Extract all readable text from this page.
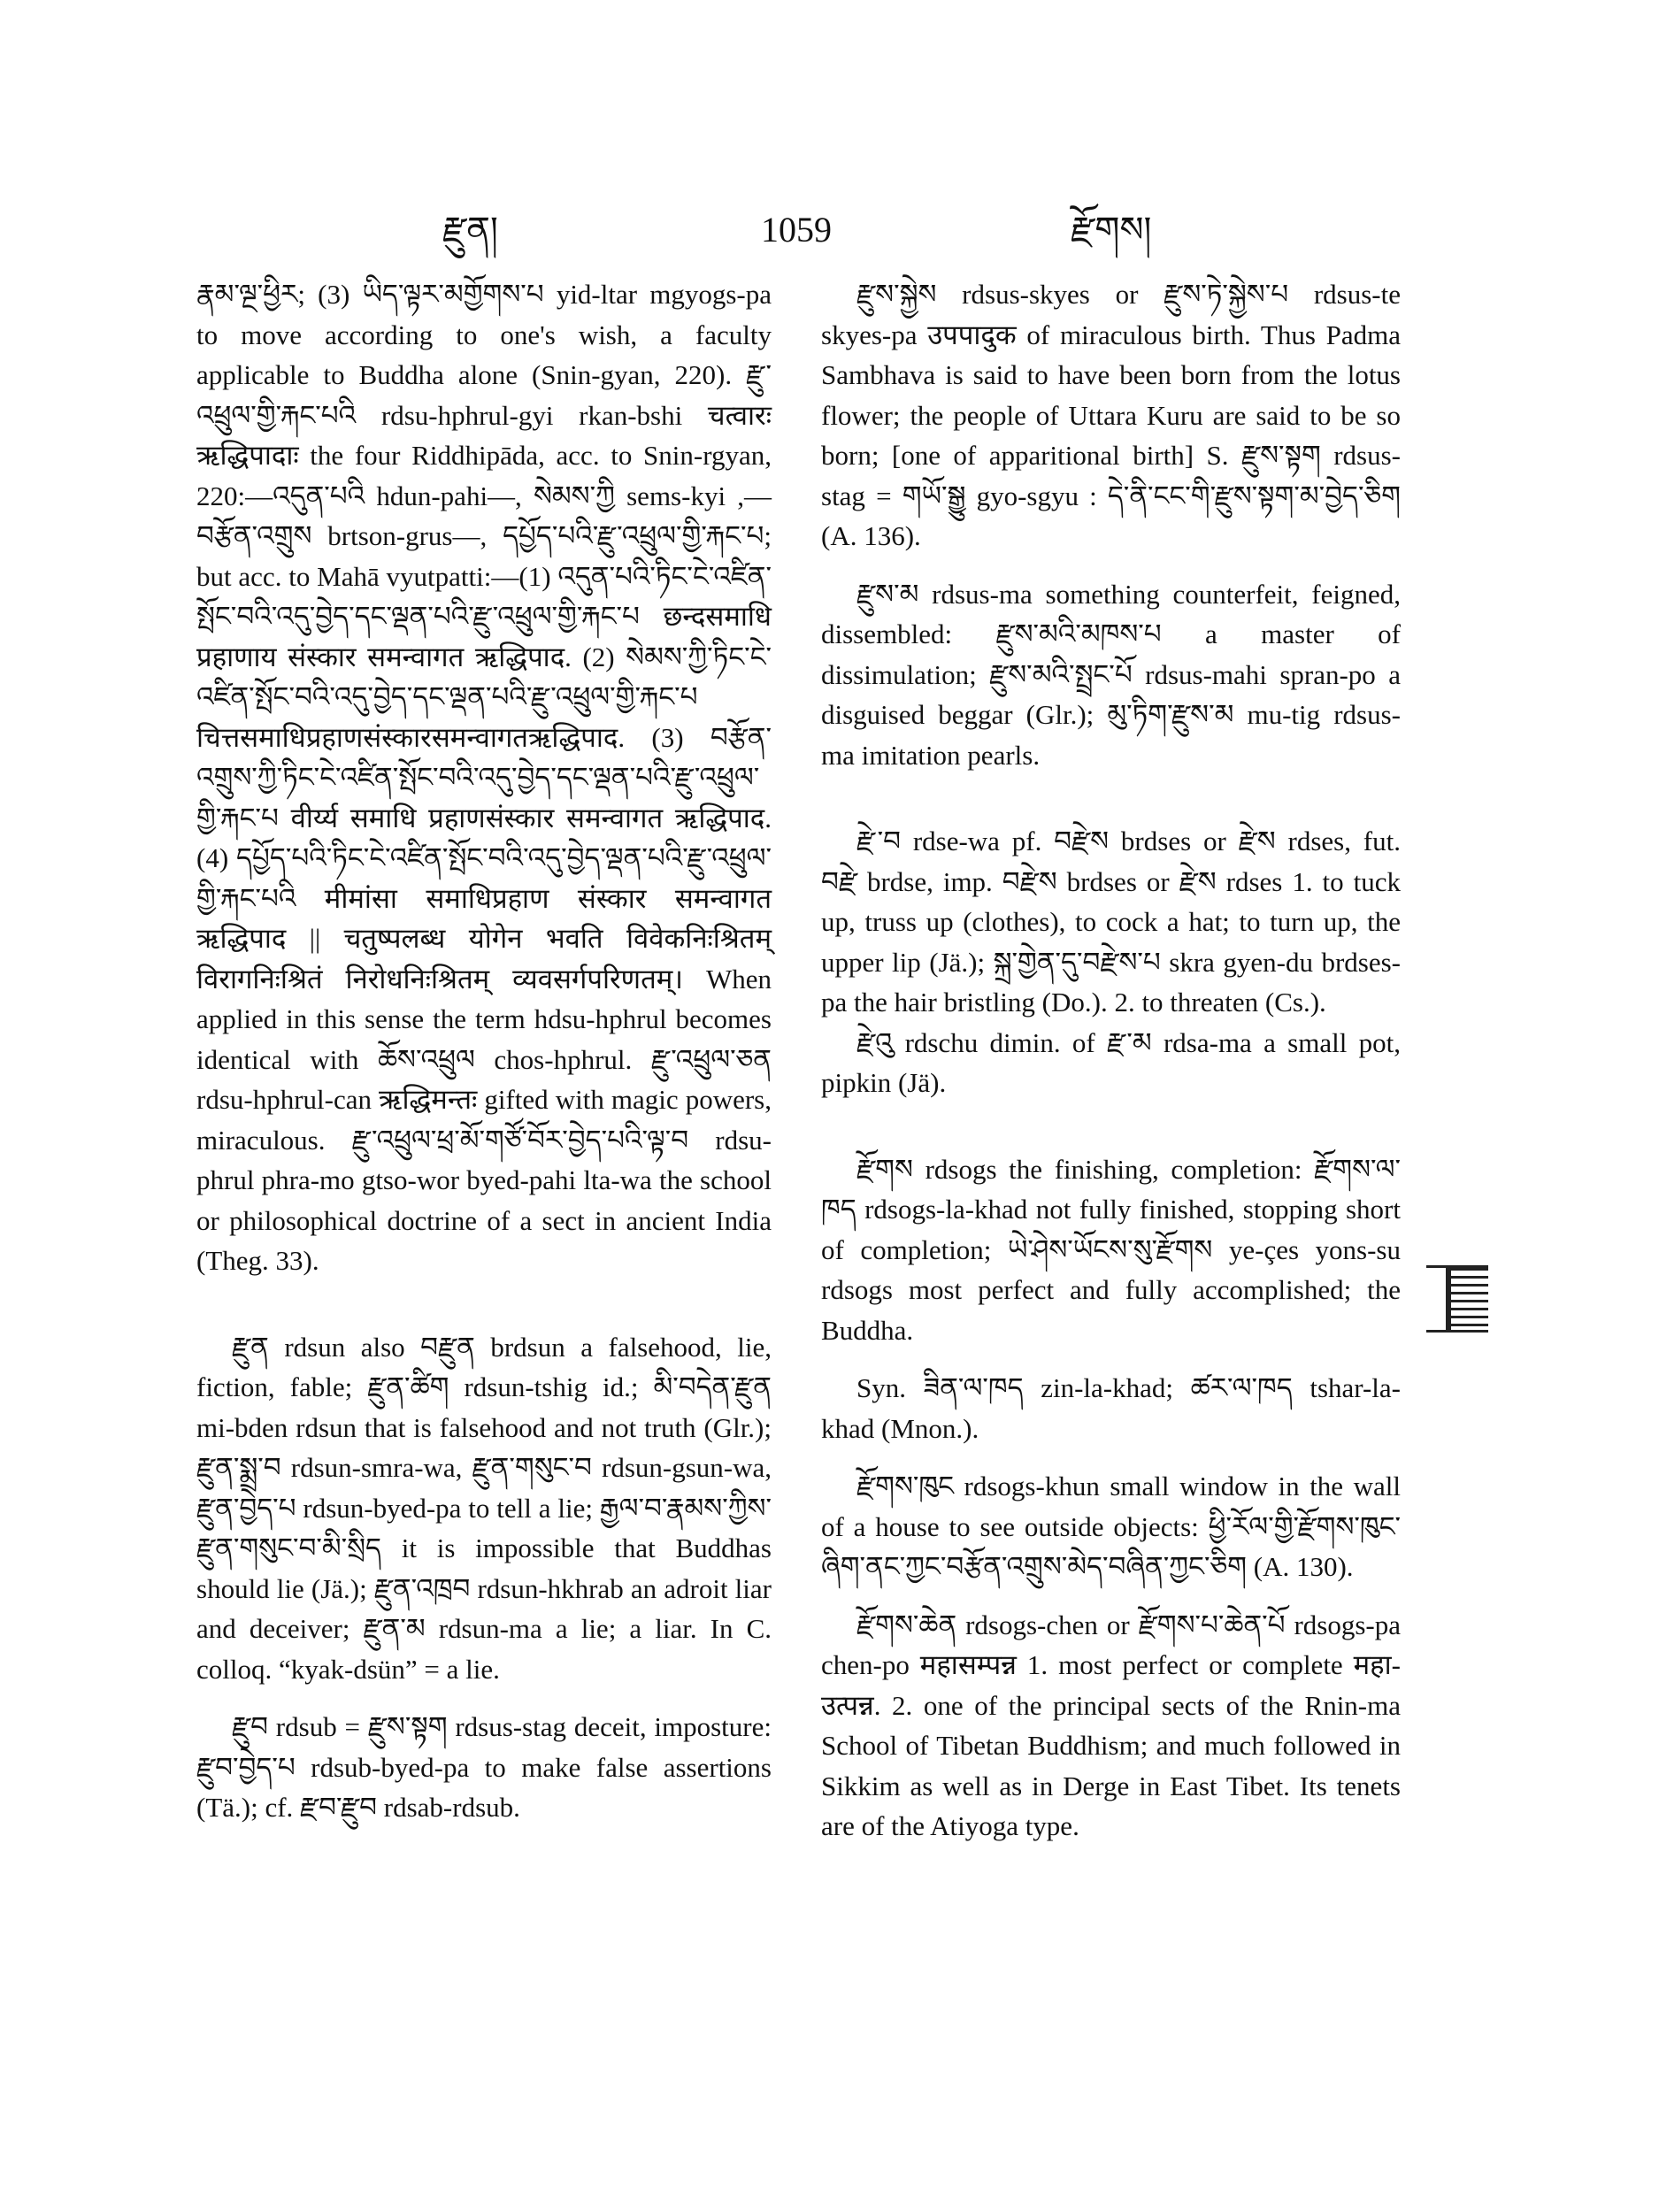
རྫུན།	1059	རྫོགས།

རྣམ་ལྔ་ཕྱིར; (3) ཡིད་ལྟར་མགྱོགས་པ yid-ltar mgyogs-pa to move according to one's wish, a faculty applicable to Buddha alone (Snin-gyan, 220). རྫུ་འཕྲུལ་གྱི་རྐང་པའི rdsu-hphrul-gyi rkan-bshi चत्वारः ऋद्धिपादाः the four Riddhipāda, acc. to Snin-rgyan, 220:—འདུན་པའི hdun-pahi—, སེམས་ཀྱི sems-kyi ,—བརྩོན་འགྲུས brtson-grus—, དཔྱོད་པའི་རྫུ་འཕྲུལ་གྱི་རྐང་པ; but acc. to Mahā vyutpatti:—(1) འདུན་པའི་ཏིང་ངེ་འཛིན་སྤོང་བའི་འདུ་བྱེད་དང་ལྡན་པའི་རྫུ་འཕྲུལ་གྱི་རྐང་པ छन्दसमाधि प्रहाणाय संस्कार समन्वागत ऋद्धिपाद. (2) སེམས་ཀྱི་ཏིང་ངེ་འཛིན་སྤོང་བའི་འདུ་བྱེད་དང་ལྡན་པའི་རྫུ་འཕྲུལ་གྱི་རྐང་པ चित्तसमाधिप्रहाणसंस्कारसमन्वागतऋद्धिपाद. (3) བརྩོན་འགྲུས་ཀྱི་ཏིང་ངེ་འཛིན་སྤོང་བའི་འདུ་བྱེད་དང་ལྡན་པའི་རྫུ་འཕྲུལ་གྱི་རྐང་པ वीर्य्य समाधि प्रहाणसंस्कार समन्वागत ऋद्धिपाद. (4) དཔྱོད་པའི་ཏིང་ངེ་འཛིན་སྤོང་བའི་འདུ་བྱེད་ལྡན་པའི་རྫུ་འཕྲུལ་གྱི་རྐང་པའི मीमांसा समाधिप्रहाण संस्कार समन्वागत ऋद्धिपाद || चतुष्पलब्ध योगेन भवति विवेकनिःश्रितम् विरागनिःश्रितं निरोधनिःश्रितम् व्यवसर्गपरिणतम्। When applied in this sense the term hdsu-hphrul becomes identical with ཆོས་འཕྲུལ chos-hphrul. རྫུ་འཕྲུལ་ཅན rdsu-hphrul-can ऋद्धिमन्तः gifted with magic powers, miraculous. རྫུ་འཕྲུལ་ཕྲ་མོ་གཙོ་བོར་བྱེད་པའི་ལྟ་བ rdsu-phrul phra-mo gtso-wor byed-pahi lta-wa the school or philosophical doctrine of a sect in ancient India (Theg. 33).

རྫུན rdsun also བརྫུན brdsun a falsehood, lie, fiction, fable; རྫུན་ཚིག rdsun-tshig id.; མི་བདེན་རྫུན mi-bden rdsun that is falsehood and not truth (Glr.); རྫུན་སྨྲ་བ rdsun-smra-wa, རྫུན་གསུང་བ rdsun-gsun-wa, རྫུན་བྱེད་པ rdsun-byed-pa to tell a lie; རྒྱལ་བ་རྣམས་ཀྱིས་རྫུན་གསུང་བ་མི་སྲིད it is impossible that Buddhas should lie (Jä.); རྫུན་འཁྲབ rdsun-hkhrab an adroit liar and deceiver; རྫུན་མ rdsun-ma a lie; a liar. In C. colloq. “kyak-dsün” = a lie.

རྫུབ rdsub = རྫུས་སྟག rdsus-stag deceit, imposture: རྫུབ་བྱེད་པ rdsub-byed-pa to make false assertions (Tä.); cf. རྫབ་རྫུབ rdsab-rdsub.

རྫུས་སྐྱེས rdsus-skyes or རྫུས་ཏེ་སྐྱེས་པ rdsus-te skyes-pa उपपादुक of miraculous birth. Thus Padma Sambhava is said to have been born from the lotus flower; the people of Uttara Kuru are said to be so born; [one of apparitional birth] S. རྫུས་སྟག rdsus-stag = གཡོ་སྒྱུ gyo-sgyu : དེ་ནི་ངང་གི་རྫུས་སྟག་མ་བྱེད་ཅིག (A. 136).

རྫུས་མ rdsus-ma something counterfeit, feigned, dissembled: རྫུས་མའི་མཁས་པ a master of dissimulation; རྫུས་མའི་སྤྲང་པོ rdsus-mahi spran-po a disguised beggar (Glr.); མུ་ཏིག་རྫུས་མ mu-tig rdsus-ma imitation pearls.

རྫེ་བ rdse-wa pf. བརྫེས brdses or རྫེས rdses, fut. བརྫེ brdse, imp. བརྫེས brdses or རྫེས rdses 1. to tuck up, truss up (clothes), to cock a hat; to turn up, the upper lip (Jä.); སྐྲ་གྱེན་དུ་བརྫེས་པ skra gyen-du brdses-pa the hair bristling (Do.). 2. to threaten (Cs.).

རྫེའུ rdschu dimin. of རྫ་མ rdsa-ma a small pot, pipkin (Jä).

རྫོགས rdsogs the finishing, completion: རྫོགས་ལ་ཁད rdsogs-la-khad not fully finished, stopping short of completion; ཡེ་ཤེས་ཡོངས་སུ་རྫོགས ye-çes yons-su rdsogs most perfect and fully accomplished; the Buddha.

Syn. ཟིན་ལ་ཁད zin-la-khad; ཚར་ལ་ཁད tshar-la-khad (Mnon.).

རྫོགས་ཁུང rdsogs-khun small window in the wall of a house to see outside objects: ཕྱི་རོལ་གྱི་རྫོགས་ཁུང་ཞིག་ནང་ཀྱང་བརྩོན་འགྲུས་མེད་བཞིན་ཀྱང་ཅིག (A. 130).

རྫོགས་ཆེན rdsogs-chen or རྫོགས་པ་ཆེན་པོ rdsogs-pa chen-po महासम्पन्न 1. most perfect or complete महा-उत्पन्न. 2. one of the principal sects of the Rnin-ma School of Tibetan Buddhism; and much followed in Sikkim as well as in Derge in East Tibet. Its tenets are of the Atiyoga type.
